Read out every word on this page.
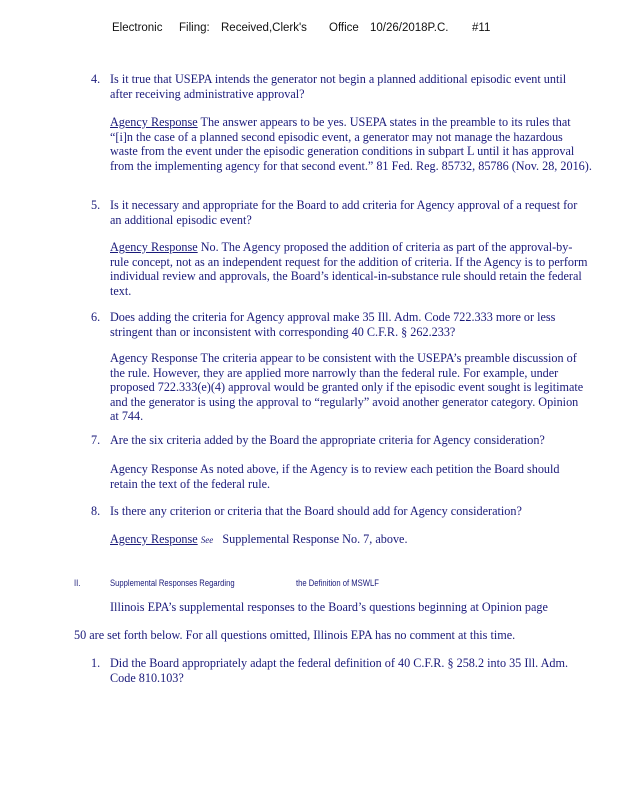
Electronic Filing: Received,Clerk's Office 10/26/2018P.C. #11
4. Is it true that USEPA intends the generator not begin a planned additional episodic event until after receiving administrative approval?
Agency Response The answer appears to be yes. USEPA states in the preamble to its rules that “[i]n the case of a planned second episodic event, a generator may not manage the hazardous waste from the event under the episodic generation conditions in subpart L until it has approval from the implementing agency for that second event.” 81 Fed. Reg. 85732, 85786 (Nov. 28, 2016).
5. Is it necessary and appropriate for the Board to add criteria for Agency approval of a request for an additional episodic event?
Agency Response No. The Agency proposed the addition of criteria as part of the approval-by-rule concept, not as an independent request for the addition of criteria. If the Agency is to perform individual review and approvals, the Board’s identical-in-substance rule should retain the federal text.
6. Does adding the criteria for Agency approval make 35 Ill. Adm. Code 722.333 more or less stringent than or inconsistent with corresponding 40 C.F.R. § 262.233?
Agency Response The criteria appear to be consistent with the USEPA’s preamble discussion of the rule. However, they are applied more narrowly than the federal rule. For example, under proposed 722.333(e)(4) approval would be granted only if the episodic event sought is legitimate and the generator is using the approval to “regularly” avoid another generator category. Opinion at 744.
7. Are the six criteria added by the Board the appropriate criteria for Agency consideration?
Agency Response As noted above, if the Agency is to review each petition the Board should retain the text of the federal rule.
8. Is there any criterion or criteria that the Board should add for Agency consideration?
Agency Response See Supplemental Response No. 7, above.
II.	Supplemental Responses Regarding	the Definition of MSWLF
Illinois EPA’s supplemental responses to the Board’s questions beginning at Opinion page
50 are set forth below. For all questions omitted, Illinois EPA has no comment at this time.
1. Did the Board appropriately adapt the federal definition of 40 C.F.R. § 258.2 into 35 Ill. Adm. Code 810.103?
